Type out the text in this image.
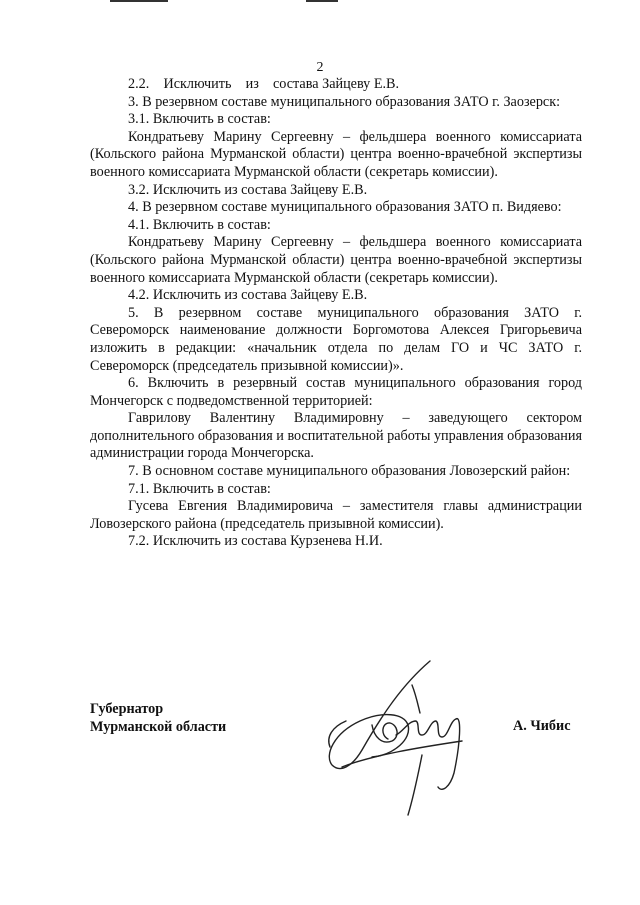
2

2.2.    Исключить    из    состава Зайцеву Е.В.

3. В резервном составе муниципального образования ЗАТО г. Заозерск:

3.1. Включить в состав:

Кондратьеву Марину Сергеевну – фельдшера военного комиссариата (Кольского района Мурманской области) центра военно-врачебной экспертизы военного комиссариата Мурманской области (секретарь комиссии).

3.2. Исключить из состава Зайцеву Е.В.

4. В резервном составе муниципального образования ЗАТО п. Видяево:

4.1. Включить в состав:

Кондратьеву Марину Сергеевну – фельдшера военного комиссариата (Кольского района Мурманской области) центра военно-врачебной экспертизы военного комиссариата Мурманской области (секретарь комиссии).

4.2. Исключить из состава Зайцеву Е.В.

5. В резервном составе муниципального образования ЗАТО г. Североморск наименование должности Боргомотова Алексея Григорьевича изложить в редакции: «начальник отдела по делам ГО и ЧС ЗАТО г. Североморск (председатель призывной комиссии)».

6. Включить в резервный состав муниципального образования город Мончегорск с подведомственной территорией:

Гаврилову Валентину Владимировну – заведующего сектором дополнительного образования и воспитательной работы управления образования администрации города Мончегорска.

7. В основном составе муниципального образования Ловозерский район:

7.1. Включить в состав:

Гусева Евгения Владимировича – заместителя главы администрации Ловозерского района (председатель призывной комиссии).

7.2. Исключить из состава Курзенева Н.И.

Губернатор
Мурманской области	А. Чибис
